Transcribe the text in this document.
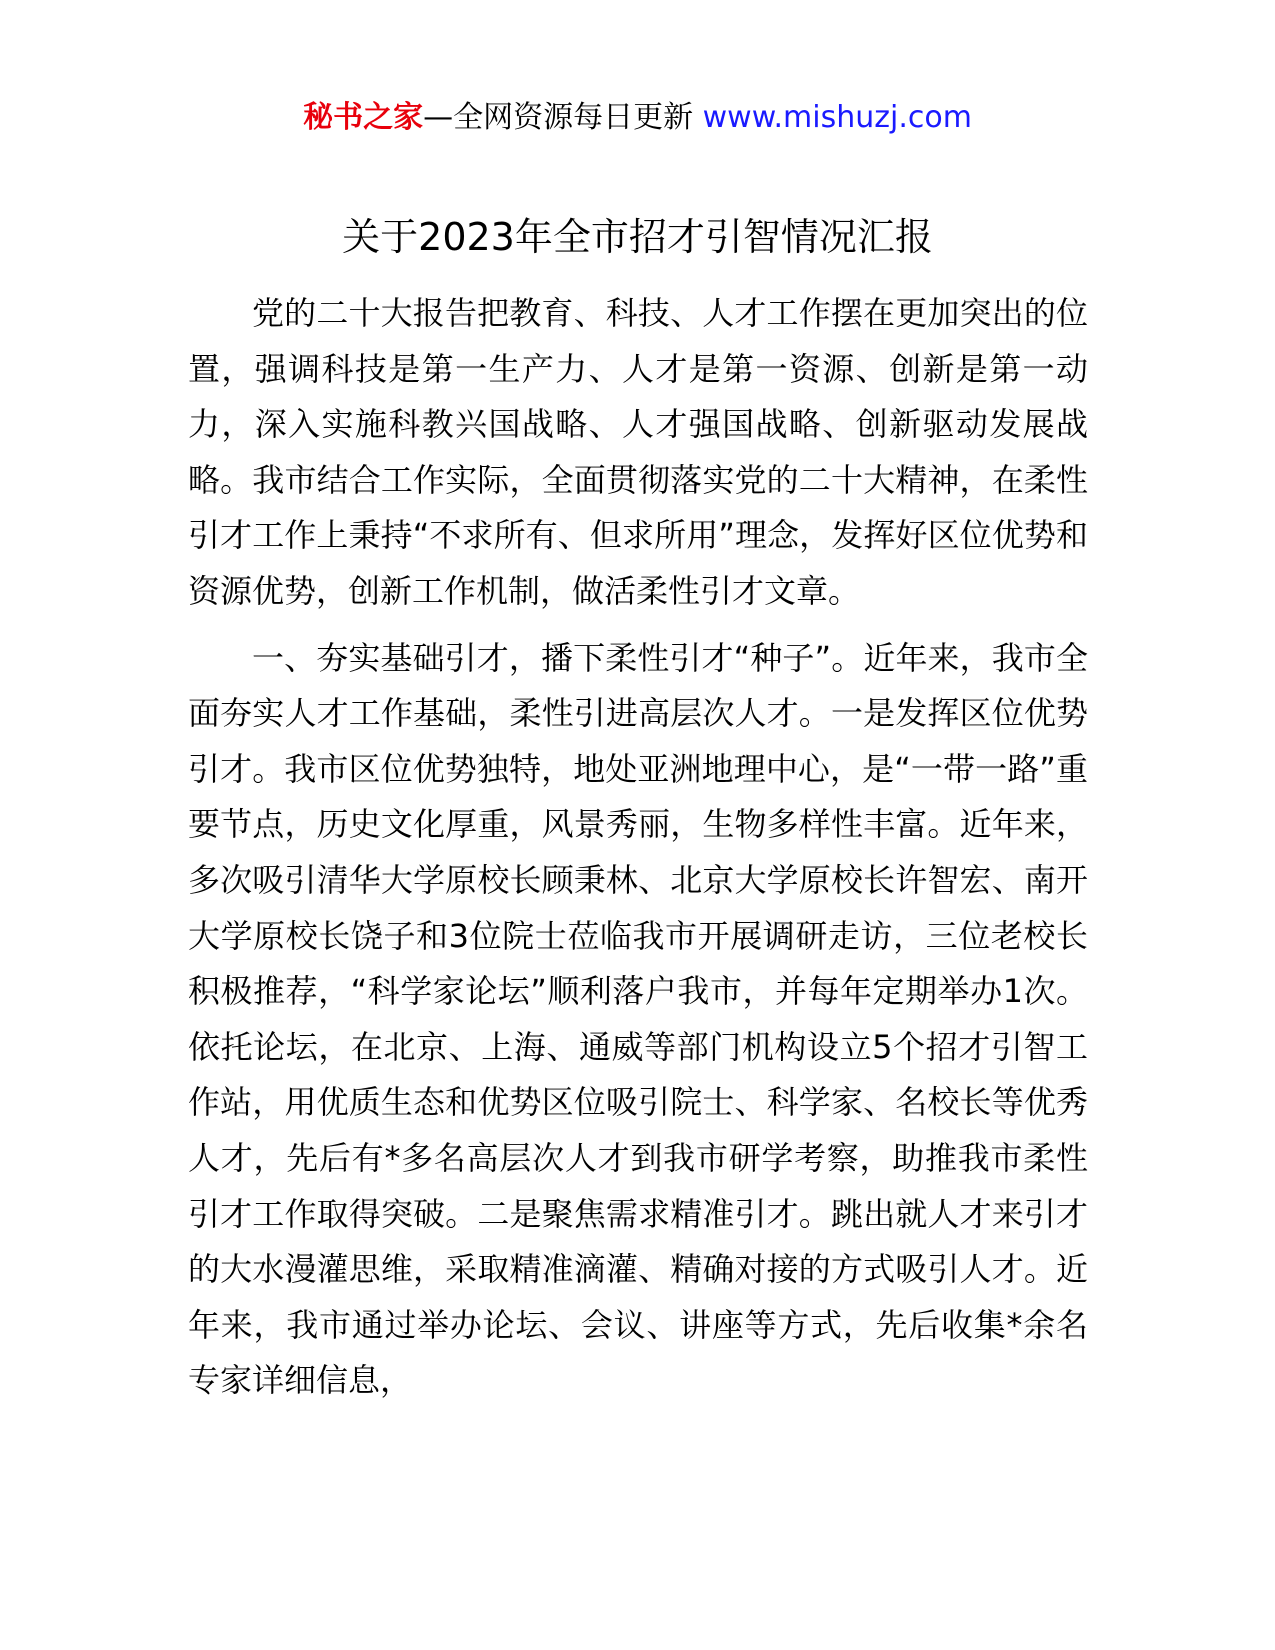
秘书之家—全网资源每日更新 www.mishuzj.com
关于2023年全市招才引智情况汇报

党的二十大报告把教育、科技、人才工作摆在更加突出的位置，强调科技是第一生产力、人才是第一资源、创新是第一动力，深入实施科教兴国战略、人才强国战略、创新驱动发展战略。我市结合工作实际，全面贯彻落实党的二十大精神，在柔性引才工作上秉持“不求所有、但求所用”理念，发挥好区位优势和资源优势，创新工作机制，做活柔性引才文章。

一、夯实基础引才，播下柔性引才“种子”。近年来，我市全面夯实人才工作基础，柔性引进高层次人才。一是发挥区位优势引才。我市区位优势独特，地处亚洲地理中心，是“一带一路”重要节点，历史文化厚重，风景秀丽，生物多样性丰富。近年来，多次吸引清华大学原校长顾秉林、北京大学原校长许智宏、南开大学原校长饶子和3位院士莅临我市开展调研走访，三位老校长积极推荐，“科学家论坛”顺利落户我市，并每年定期举办1次。依托论坛，在北京、上海、通威等部门机构设立5个招才引智工作站，用优质生态和优势区位吸引院士、科学家、名校长等优秀人才，先后有*多名高层次人才到我市研学考察，助推我市柔性引才工作取得突破。二是聚焦需求精准引才。跳出就人才来引才的大水漫灌思维，采取精准滴灌、精确对接的方式吸引人才。近年来，我市通过举办论坛、会议、讲座等方式，先后收集*余名专家详细信息，
